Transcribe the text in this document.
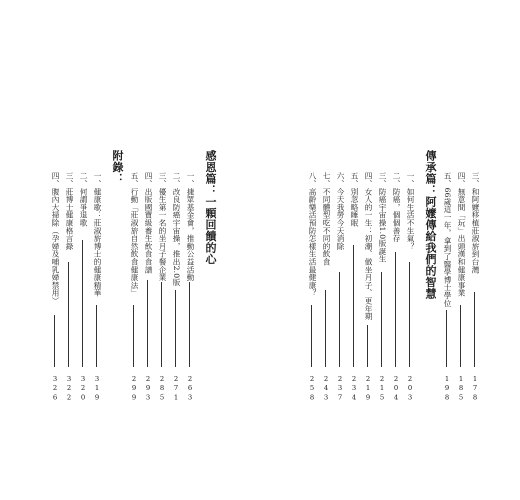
感恩篇：一顆回饋的心
一、捷眾基金會，推動公益活動
263
二、改良防癌宇宙操，推出2.0版
271
三、優生第一名的坐月子餐企業
285
四、出版國寶級養生飲食食譜
293
五、行動「莊淑旂自然飲食健康法」
299
附錄：
一、健康歌：莊淑旂博士的健康精華
319
二、何謂爭退歌
320
三、莊博士健康格言錄
322
四、腹內大掃除（孕婦及哺乳婦禁用）
326
三、和阿嬤移植莊淑旂到台灣
178
四、無意間「玩」出頭漢和健康事業
185
五、66歲這一年，拿到了醫學博士學位
198
傳承篇：阿嬤傳給我們的智慧
一、如何生活不生氣？
203
二、防癌，個個善存
204
三、防癌宇宙操1.0版誕生
215
四、女人的一生：初潮、做坐月子、更年期
219
五、別忽略睡眠
234
六、今天我勞今天消除
237
七、不同體型吃不同的飲食
243
八、高齡樂活預防怎樣生活最健康？
258
